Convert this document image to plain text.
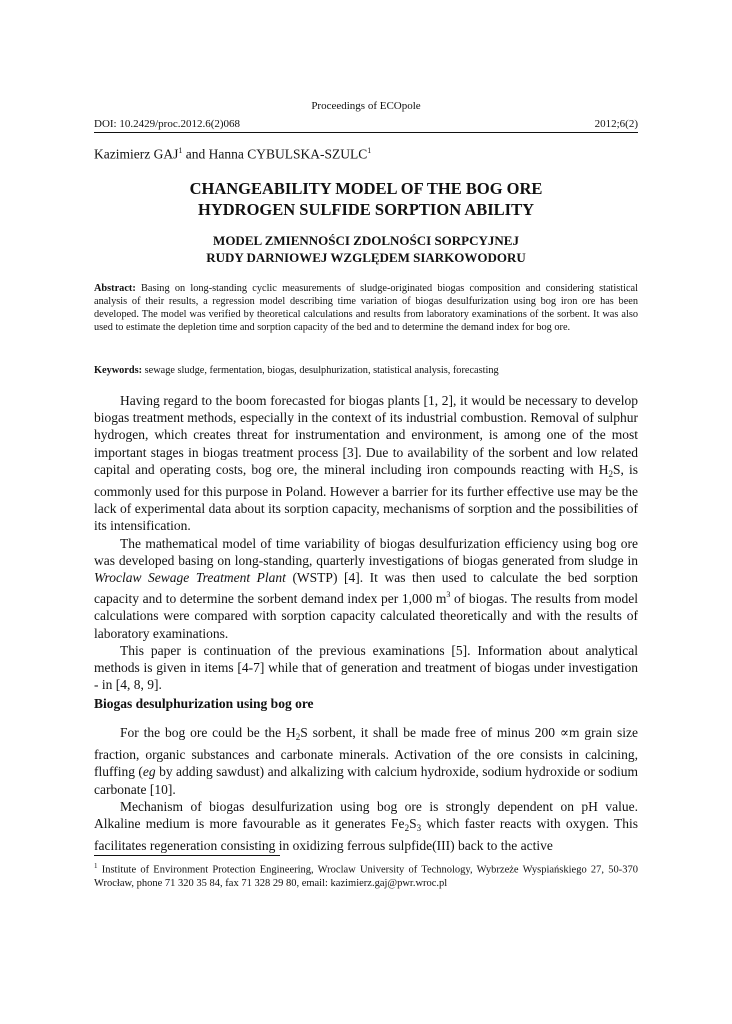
Proceedings of ECOpole
DOI: 10.2429/proc.2012.6(2)068	2012;6(2)
Kazimierz GAJ$^1$ and Hanna CYBULSKA-SZULC$^1$
CHANGEABILITY MODEL OF THE BOG ORE
HYDROGEN SULFIDE SORPTION ABILITY
MODEL ZMIENNOŚCI ZDOLNOŚCI SORPCYJNEJ
RUDY DARNIOWEJ WZGLĘDEM SIARKOWODORU
Abstract: Basing on long-standing cyclic measurements of sludge-originated biogas composition and considering statistical analysis of their results, a regression model describing time variation of biogas desulfurization using bog iron ore has been developed. The model was verified by theoretical calculations and results from laboratory examinations of the sorbent. It was also used to estimate the depletion time and sorption capacity of the bed and to determine the demand index for bog ore.
Keywords: sewage sludge, fermentation, biogas, desulphurization, statistical analysis, forecasting

Having regard to the boom forecasted for biogas plants [1, 2], it would be necessary to develop biogas treatment methods, especially in the context of its industrial combustion. Removal of sulphur hydrogen, which creates threat for instrumentation and environment, is among one of the most important stages in biogas treatment process [3]. Due to availability of the sorbent and low related capital and operating costs, bog ore, the mineral including iron compounds reacting with $H_2S$, is commonly used for this purpose in Poland. However a barrier for its further effective use may be the lack of experimental data about its sorption capacity, mechanisms of sorption and the possibilities of its intensification.

The mathematical model of time variability of biogas desulfurization efficiency using bog ore was developed basing on long-standing, quarterly investigations of biogas generated from sludge in Wroclaw Sewage Treatment Plant (WSTP) [4]. It was then used to calculate the bed sorption capacity and to determine the sorbent demand index per 1,000 $m^3$ of biogas. The results from model calculations were compared with sorption capacity calculated theoretically and with the results of laboratory examinations.

This paper is continuation of the previous examinations [5]. Information about analytical methods is given in items [4-7] while that of generation and treatment of biogas under investigation - in [4, 8, 9].

Biogas desulphurization using bog ore

For the bog ore could be the $H_2S$ sorbent, it shall be made free of minus 200 ∝m grain size fraction, organic substances and carbonate minerals. Activation of the ore consists in calcining, fluffing (eg by adding sawdust) and alkalizing with calcium hydroxide, sodium hydroxide or sodium carbonate [10].

Mechanism of biogas desulfurization using bog ore is strongly dependent on pH value. Alkaline medium is more favourable as it generates $Fe_2S_3$ which faster reacts with oxygen. This facilitates regeneration consisting in oxidizing ferrous sulpfide(III) back to the active

$^1$ Institute of Environment Protection Engineering, Wroclaw University of Technology, Wybrzeże Wyspiańskiego 27, 50-370 Wrocław, phone 71 320 35 84, fax 71 328 29 80, email: kazimierz.gaj@pwr.wroc.pl
